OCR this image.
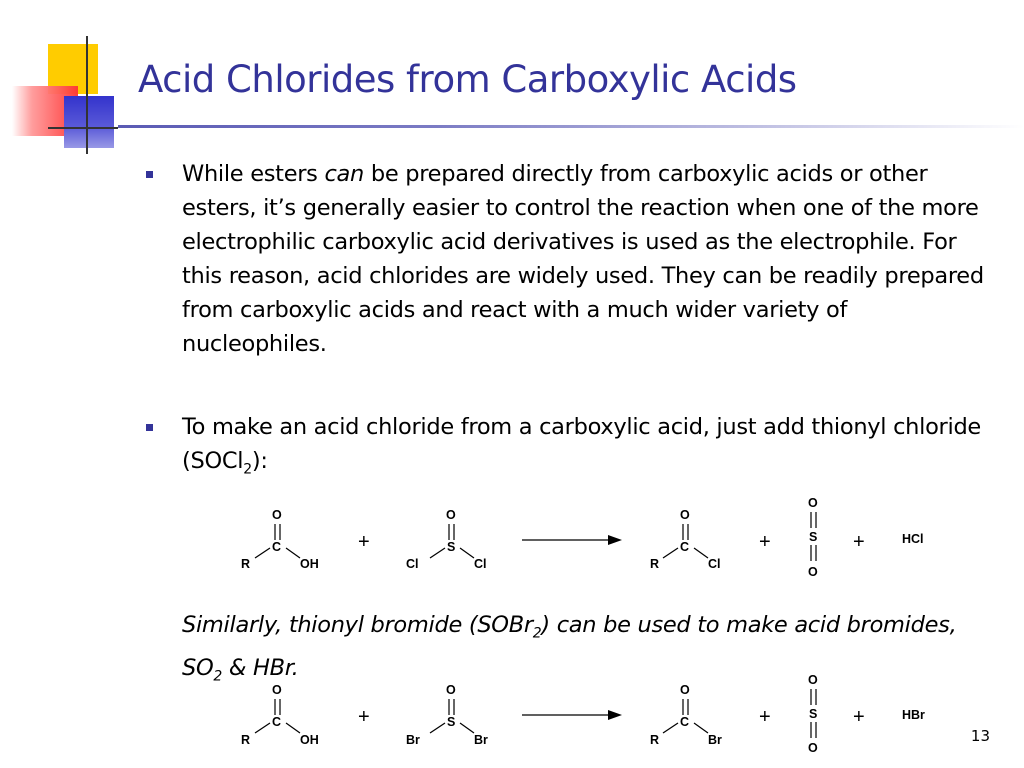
Acid Chlorides from Carboxylic Acids

While esters can be prepared directly from carboxylic acids or other esters, it’s generally easier to control the reaction when one of the more electrophilic carboxylic acid derivatives is used as the electrophile. For this reason, acid chlorides are widely used. They can be readily prepared from carboxylic acids and react with a much wider variety of nucleophiles.

To make an acid chloride from a carboxylic acid, just add thionyl chloride (SOCl$_2$):

O
C
R	OH
+
O
S
Cl	Cl
O
C
R	Cl
+
O
S
O
+	HCl

Similarly, thionyl bromide (SOBr$_2$) can be used to make acid bromides, $SO_2$ & HBr.

O
C
R	OH
+
O
S
Br	Br
O
C
R	Br
+
O
S
O
+	HBr
13
